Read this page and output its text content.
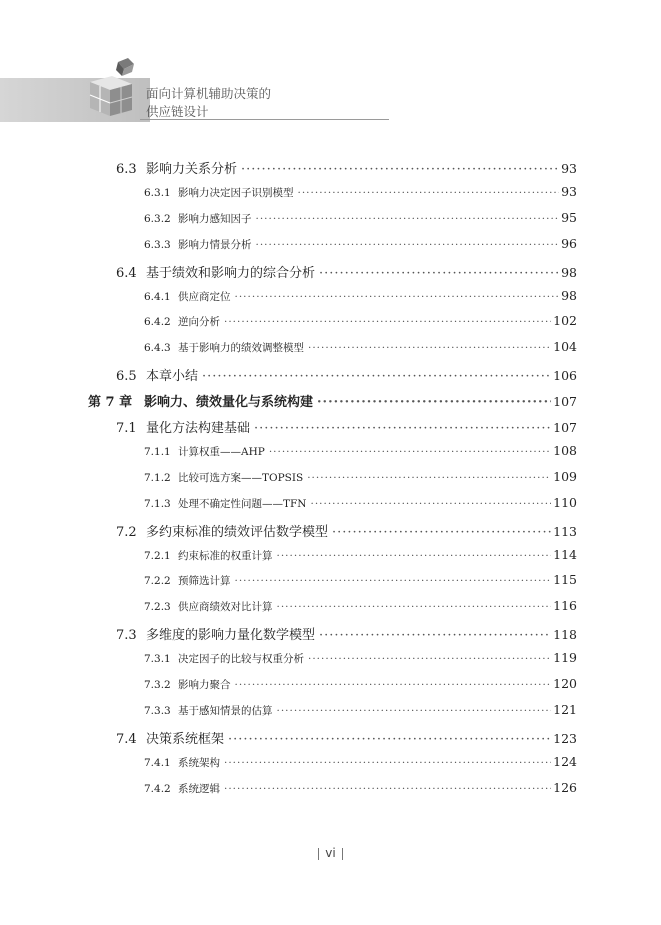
面向计算机辅助决策的
供应链设计
6.3 影响力关系分析 ·····	93
6.3.1 影响力决定因子识别模型 ·····	93
6.3.2 影响力感知因子 ·····	95
6.3.3 影响力情景分析 ·····	96
6.4 基于绩效和影响力的综合分析 ·····	98
6.4.1 供应商定位 ·····	98
6.4.2 逆向分析 ·····	102
6.4.3 基于影响力的绩效调整模型 ·····	104
6.5 本章小结 ·····	106
第 7 章 影响力、绩效量化与系统构建 ·····	107
7.1 量化方法构建基础 ·····	107
7.1.1 计算权重——AHP ·····	108
7.1.2 比较可选方案——TOPSIS ·····	109
7.1.3 处理不确定性问题——TFN ·····	110
7.2 多约束标准的绩效评估数学模型 ·····	113
7.2.1 约束标准的权重计算 ·····	114
7.2.2 预筛选计算 ·····	115
7.2.3 供应商绩效对比计算 ·····	116
7.3 多维度的影响力量化数学模型 ·····	118
7.3.1 决定因子的比较与权重分析 ·····	119
7.3.2 影响力聚合 ·····	120
7.3.3 基于感知情景的估算 ·····	121
7.4 决策系统框架 ·····	123
7.4.1 系统架构 ·····	124
7.4.2 系统逻辑 ·····	126
vi
